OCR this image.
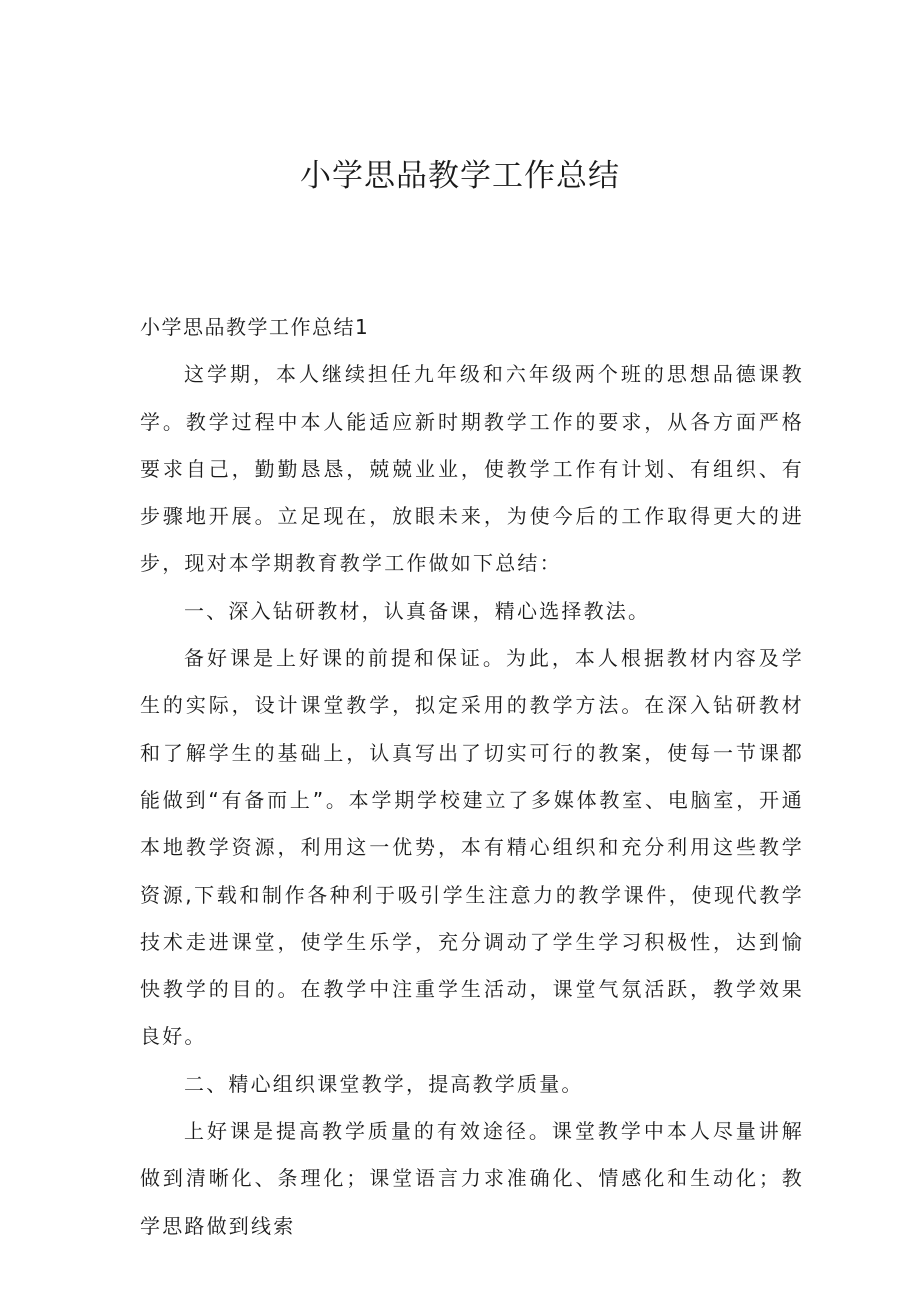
小学思品教学工作总结

小学思品教学工作总结1

这学期，本人继续担任九年级和六年级两个班的思想品德课教学。教学过程中本人能适应新时期教学工作的要求，从各方面严格要求自己，勤勤恳恳，兢兢业业，使教学工作有计划、有组织、有步骤地开展。立足现在，放眼未来，为使今后的工作取得更大的进步，现对本学期教育教学工作做如下总结：

一、深入钻研教材，认真备课，精心选择教法。

备好课是上好课的前提和保证。为此，本人根据教材内容及学生的实际，设计课堂教学，拟定采用的教学方法。在深入钻研教材和了解学生的基础上，认真写出了切实可行的教案，使每一节课都能做到“有备而上”。本学期学校建立了多媒体教室、电脑室，开通本地教学资源，利用这一优势，本有精心组织和充分利用这些教学资源,下载和制作各种利于吸引学生注意力的教学课件，使现代教学技术走进课堂，使学生乐学，充分调动了学生学习积极性，达到愉快教学的目的。在教学中注重学生活动，课堂气氛活跃，教学效果良好。

二、精心组织课堂教学，提高教学质量。

上好课是提高教学质量的有效途径。课堂教学中本人尽量讲解做到清晰化、条理化；课堂语言力求准确化、情感化和生动化；教学思路做到线索
